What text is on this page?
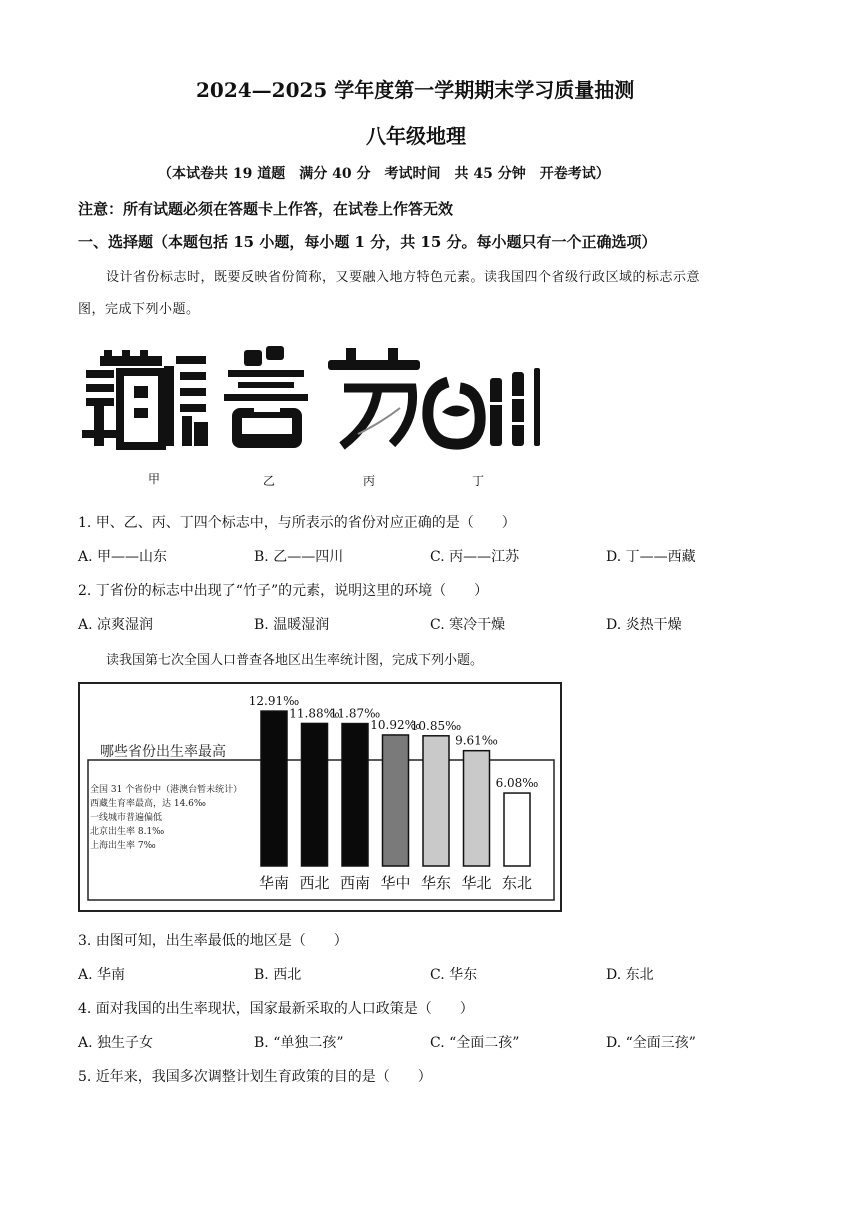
2024—2025 学年度第一学期期末学习质量抽测
八年级地理
（本试卷共 19 道题　满分 40 分　考试时间　共 45 分钟　开卷考试）
注意：所有试题必须在答题卡上作答，在试卷上作答无效
一、选择题（本题包括 15 小题，每小题 1 分，共 15 分。每小题只有一个正确选项）
设计省份标志时，既要反映省份简称，又要融入地方特色元素。读我国四个省级行政区域的标志示意
图，完成下列小题。
甲	乙	丙	丁
1. 甲、乙、丙、丁四个标志中，与所表示的省份对应正确的是（　　）
A. 甲——山东	B. 乙——四川	C. 丙——江苏	D. 丁——西藏
2. 丁省份的标志中出现了“竹子”的元素，说明这里的环境（　　）
A. 凉爽湿润	B. 温暖湿润	C. 寒冷干燥	D. 炎热干燥
读我国第七次全国人口普查各地区出生率统计图，完成下列小题。
哪些省份出生率最高
全国 31 个省份中（港澳台暂未统计）
西藏生育率最高，达 14.6‰
一线城市普遍偏低
北京出生率 8.1‰
上海出生率 7‰
12.91‰
华南
11.88‰
西北
11.87‰
西南
10.92‰
华中
10.85‰
华东
9.61‰
华北
6.08‰
东北
3. 由图可知，出生率最低的地区是（　　）
A. 华南	B. 西北	C. 华东	D. 东北
4. 面对我国的出生率现状，国家最新采取的人口政策是（　　）
A. 独生子女	B. “单独二孩”	C. “全面二孩”	D. “全面三孩”
5. 近年来，我国多次调整计划生育政策的目的是（　　）
